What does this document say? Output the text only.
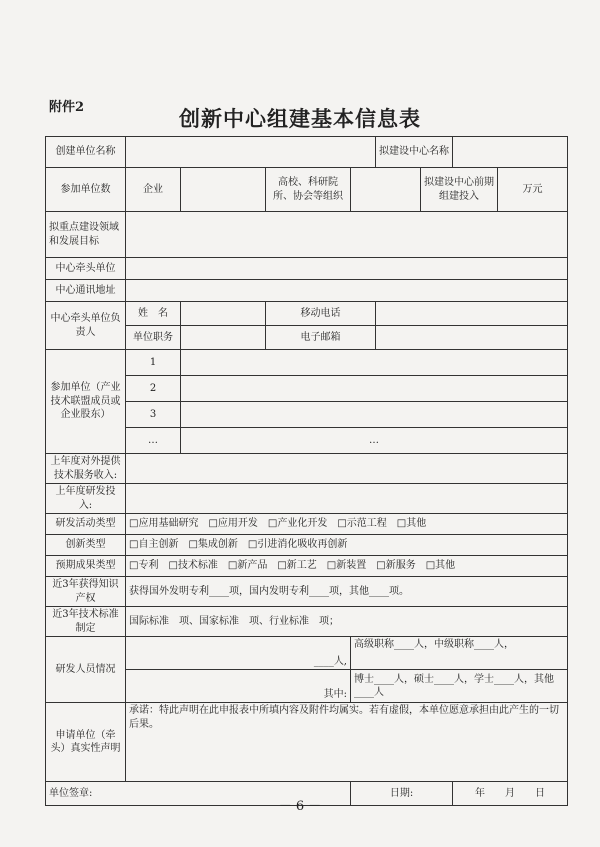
附件2	创新中心组建基本信息表
创建单位名称					拟建设中心名称			
参加单位数	企业		高校、科研院所、协会等组织			拟建设中心前期组建投入		万元
拟重点建设领域和发展目标								
中心牵头单位								
中心通讯地址								
中心牵头单位负责人	姓　名		移动电话					
	单位职务		电子邮箱					
参加单位（产业技术联盟成员或企业股东）	1							
	2							
	3							
	…	…						
上年度对外提供技术服务收入:								
上年度研发投入:								
研发活动类型	□应用基础研究　□应用开发　□产业化开发　□示范工程　□其他							
创新类型	□自主创新　□集成创新　□引进消化吸收再创新							
预期成果类型	□专利　□技术标准　□新产品　□新工艺　□新装置　□新服务　□其他							
近3年获得知识产权	获得国外发明专利____项，国内发明专利____项，其他____项。							
近3年技术标准制定	国际标准　项、国家标准　项、行业标准　项；							
研发人员情况	____人,			高级职称____人，中级职称____人，				
	其中:			博士____人，硕士____人，学士____人，其他____人				
申请单位（牵头）真实性声明	承诺：特此声明在此申报表中所填内容及附件均属实。若有虚假，本单位愿意承担由此产生的一切后果。							
单位签章:				日期:			年　　月　　日	
－ 6 －
